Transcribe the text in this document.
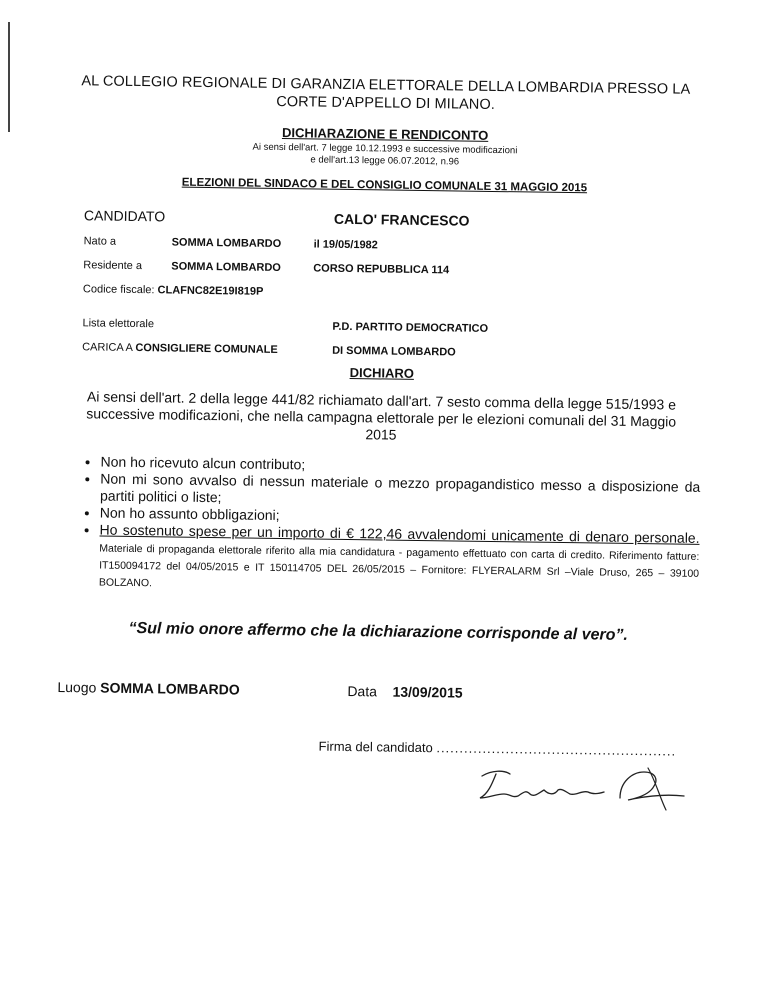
AL COLLEGIO REGIONALE DI GARANZIA ELETTORALE DELLA LOMBARDIA PRESSO LA
CORTE D'APPELLO DI MILANO.
DICHIARAZIONE E RENDICONTO
Ai sensi dell'art. 7 legge 10.12.1993 e successive modificazioni
e dell'art.13 legge 06.07.2012, n.96
ELEZIONI DEL SINDACO E DEL CONSIGLIO COMUNALE 31 MAGGIO 2015
CANDIDATO	CALO' FRANCESCO
Nato a	SOMMA LOMBARDO	il 19/05/1982
Residente a	SOMMA LOMBARDO	CORSO REPUBBLICA 114
Codice fiscale: CLAFNC82E19I819P
Lista elettorale	P.D. PARTITO DEMOCRATICO
CARICA A CONSIGLIERE COMUNALE	DI SOMMA LOMBARDO
DICHIARO
Ai sensi dell'art. 2 della legge 441/82 richiamato dall'art. 7 sesto comma della legge 515/1993 e successive modificazioni, che nella campagna elettorale per le elezioni comunali del 31 Maggio 2015
• Non ho ricevuto alcun contributo;
• Non mi sono avvalso di nessun materiale o mezzo propagandistico messo a disposizione da partiti politici o liste;
• Non ho assunto obbligazioni;
• Ho sostenuto spese per un importo di € 122,46 avvalendomi unicamente di denaro personale. Materiale di propaganda elettorale riferito alla mia candidatura - pagamento effettuato con carta di credito. Riferimento fatture: IT150094172 del 04/05/2015 e IT 150114705 DEL 26/05/2015 – Fornitore: FLYERALARM Srl –Viale Druso, 265 – 39100 BOLZANO.
“Sul mio onore affermo che la dichiarazione corrisponde al vero”.
Luogo SOMMA LOMBARDO	Data 13/09/2015
Firma del candidato
....................................................
